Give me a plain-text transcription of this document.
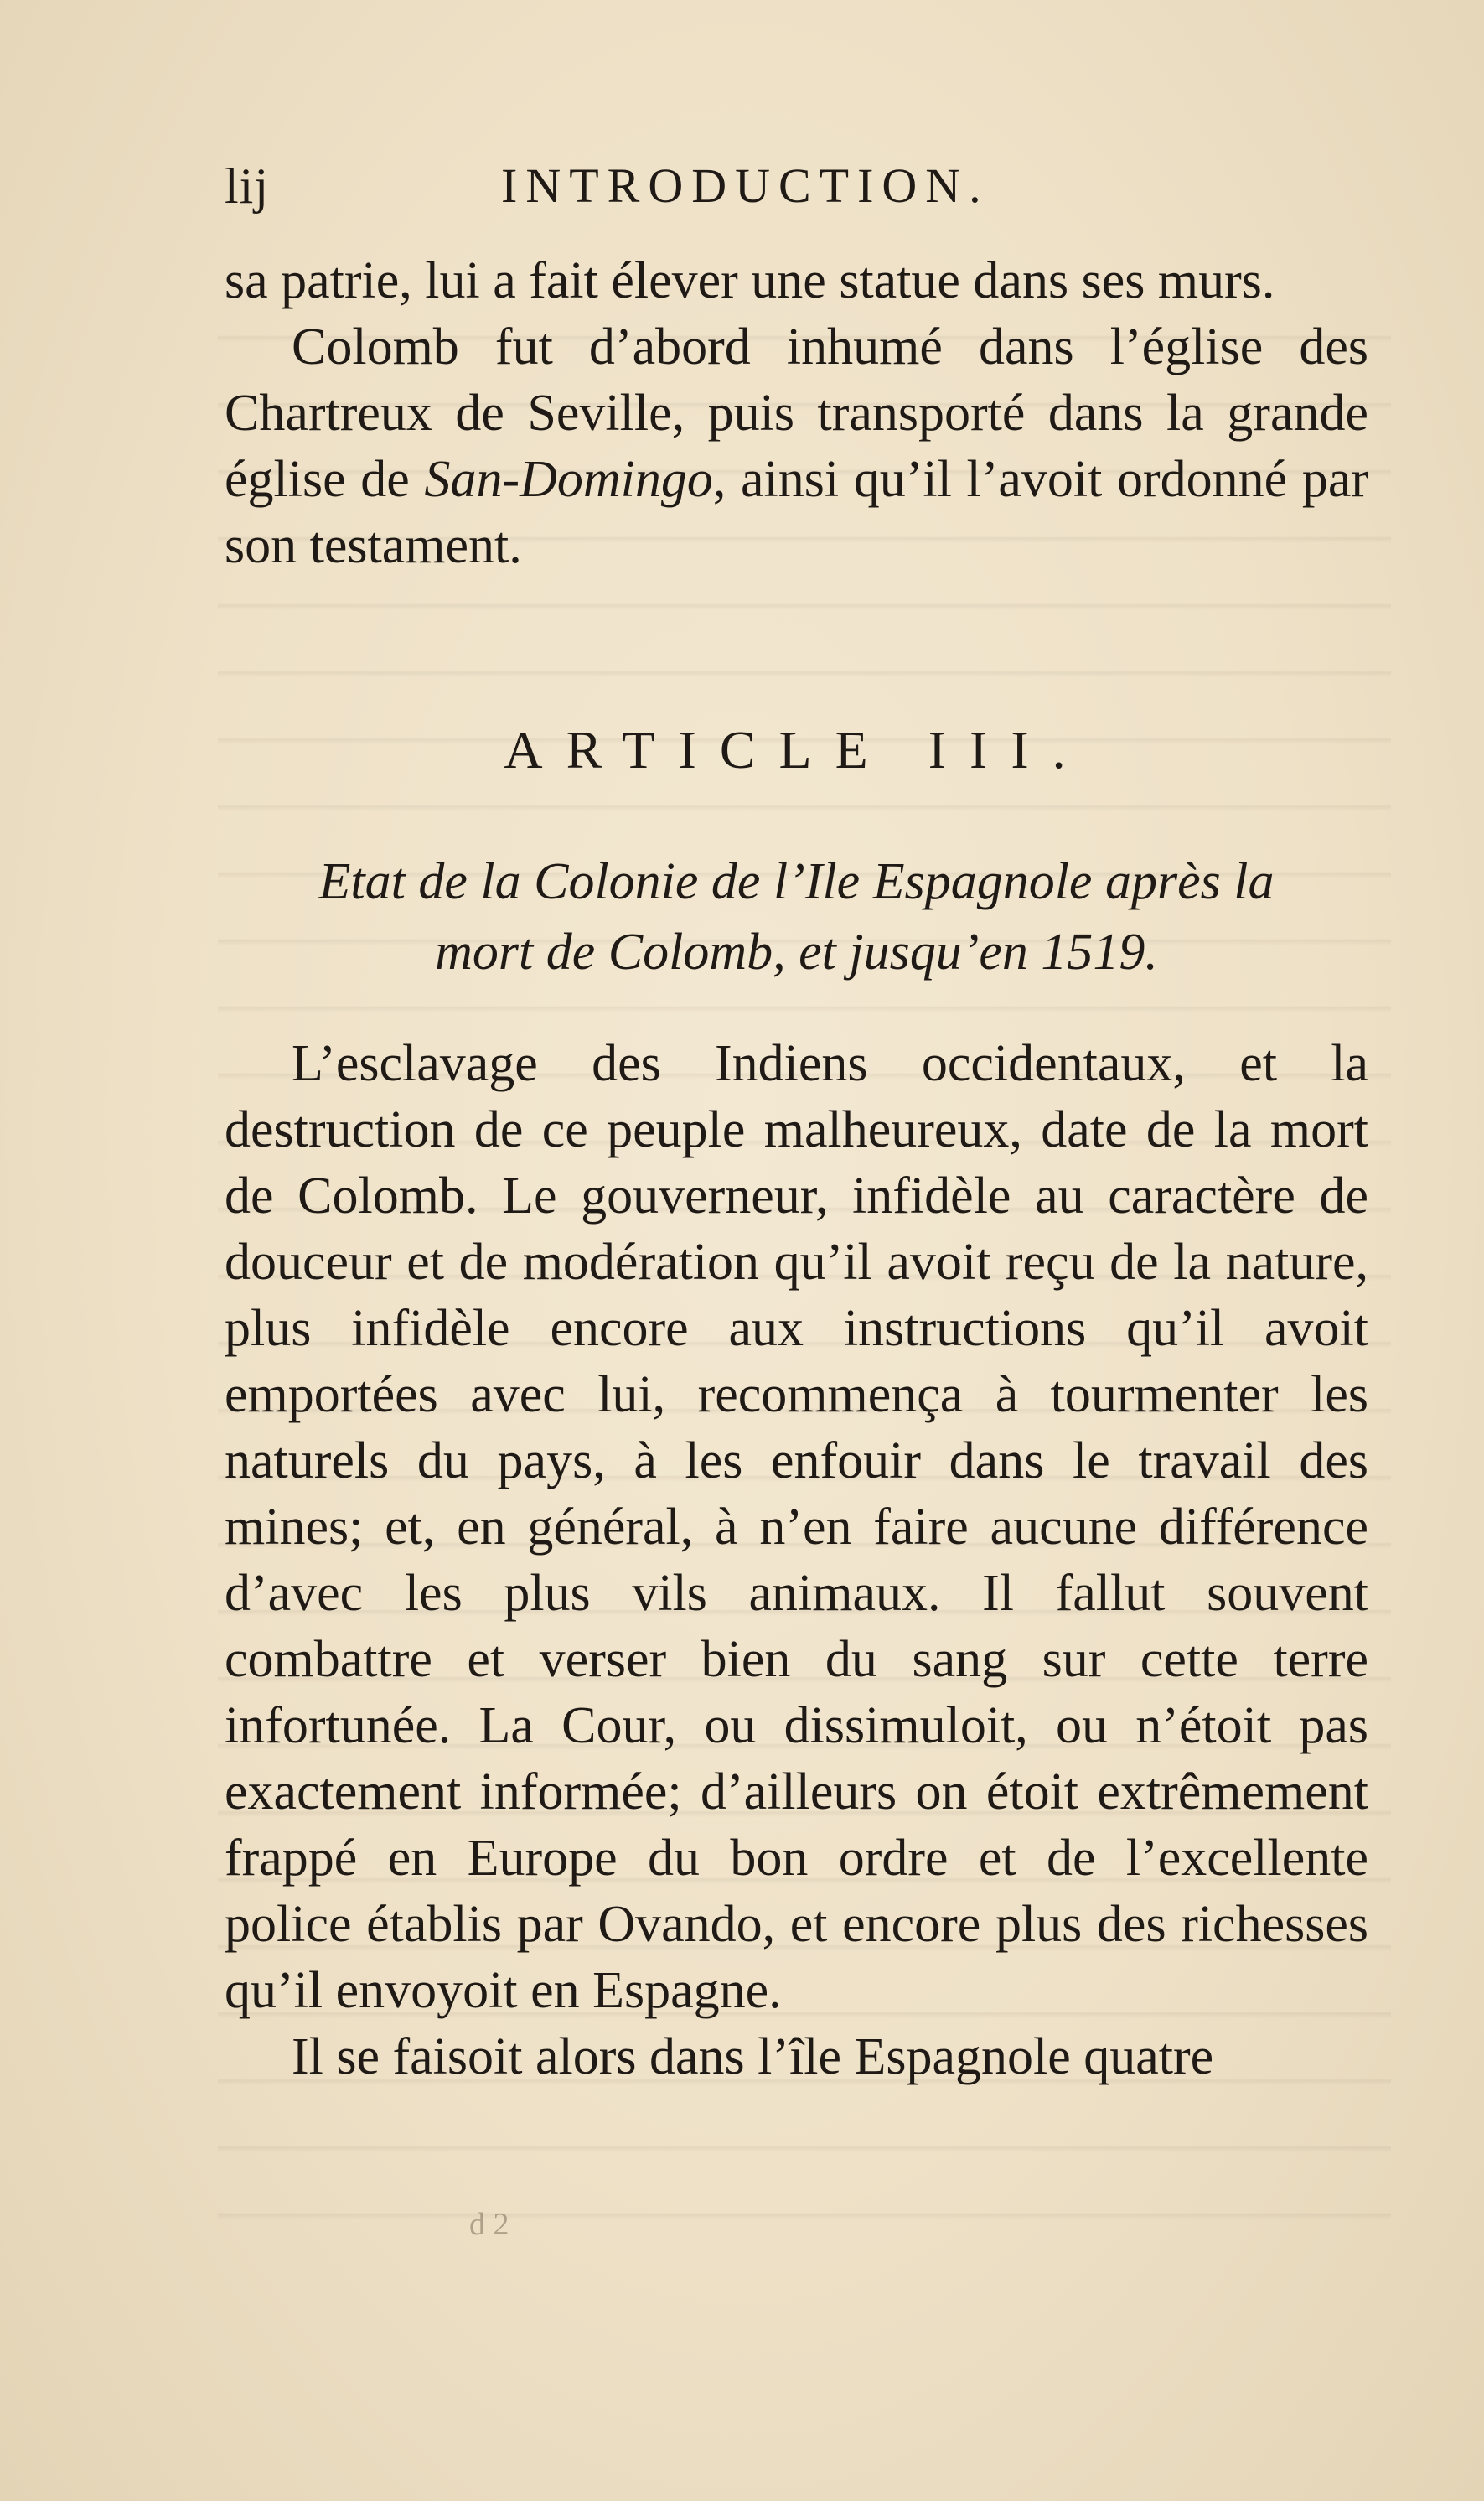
lij	INTRODUCTION.

sa patrie, lui a fait élever une statue dans ses murs.

Colomb fut d’abord inhumé dans l’église des Chartreux de Seville, puis transporté dans la grande église de San-Domingo, ainsi qu’il l’avoit ordonné par son testament.

ARTICLE III.
Etat de la Colonie de l’Ile Espagnole après la
mort de Colomb, et jusqu’en 1519.

L’esclavage des Indiens occidentaux, et la destruction de ce peuple malheureux, date de la mort de Colomb. Le gouverneur, infidèle au caractère de douceur et de modération qu’il avoit reçu de la nature, plus infidèle encore aux instructions qu’il avoit emportées avec lui, recommença à tourmenter les naturels du pays, à les enfouir dans le travail des mines; et, en général, à n’en faire aucune différence d’avec les plus vils animaux. Il fallut souvent combattre et verser bien du sang sur cette terre infortunée. La Cour, ou dissimuloit, ou n’étoit pas exactement informée; d’ailleurs on étoit extrêmement frappé en Europe du bon ordre et de l’excellente police établis par Ovando, et encore plus des richesses qu’il envoyoit en Espagne.

Il se faisoit alors dans l’île Espagnole quatre

d 2
